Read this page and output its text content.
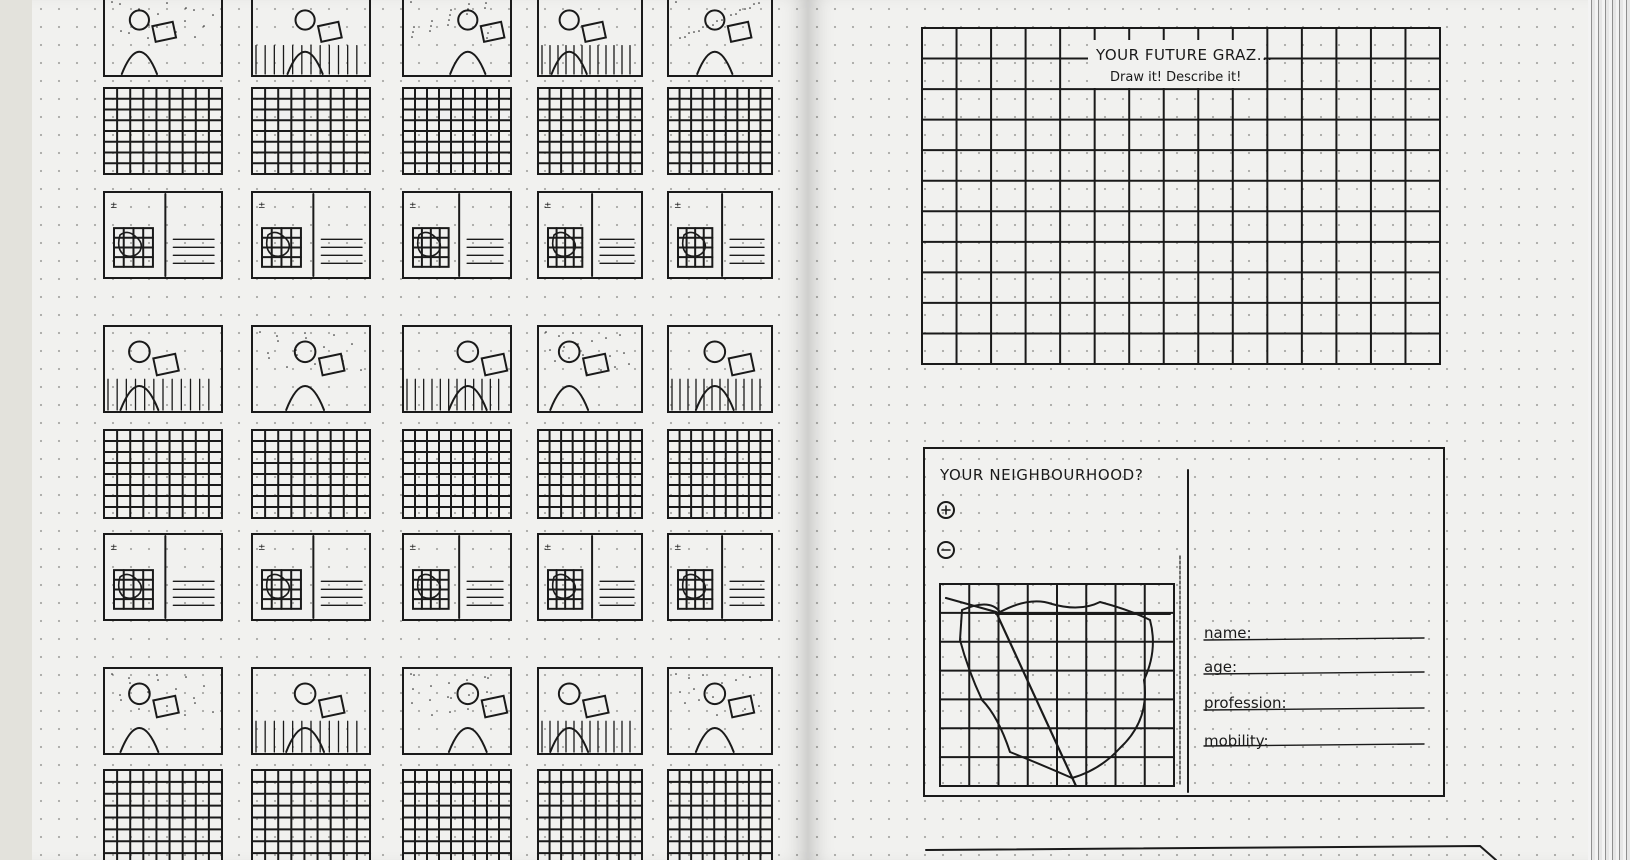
±	±	±	±	±
±	±	±	±	±
YOUR FUTURE GRAZ...
Draw it! Describe it!
YOUR NEIGHBOURHOOD?
name:
age:
profession:
mobility:
